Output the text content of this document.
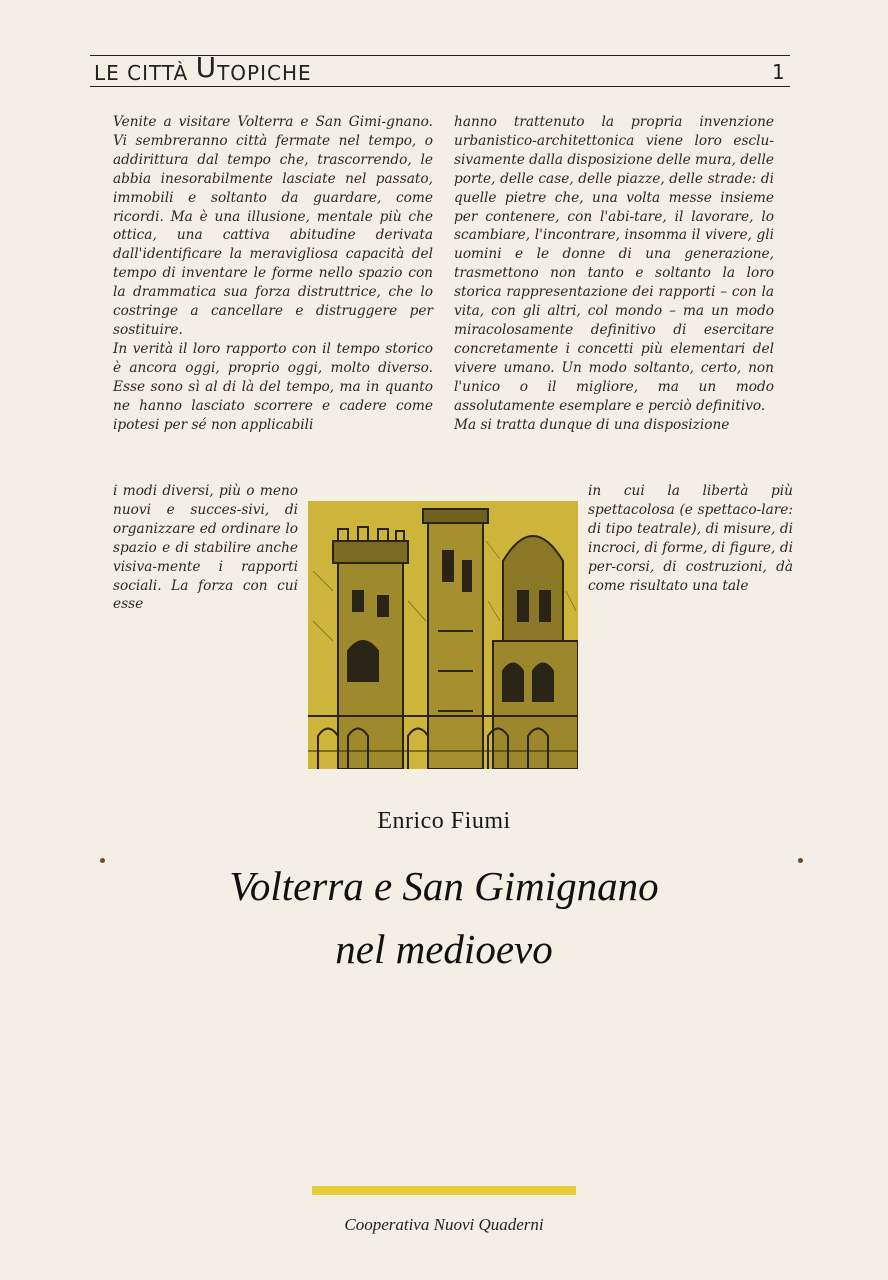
LE CITTÀ UTOPICHE	1

Venite a visitare Volterra e San Gimi-gnano. Vi sembreranno città fermate nel tempo, o addirittura dal tempo che, trascorrendo, le abbia inesorabilmente lasciate nel passato, immobili e soltanto da guardare, come ricordi. Ma è una illusione, mentale più che ottica, una cattiva abitudine derivata dall'identificare la meravigliosa capacità del tempo di inventare le forme nello spazio con la drammatica sua forza distruttrice, che lo costringe a cancellare e distruggere per sostituire.

In verità il loro rapporto con il tempo storico è ancora oggi, proprio oggi, molto diverso. Esse sono sì al di là del tempo, ma in quanto ne hanno lasciato scorrere e cadere come ipotesi per sé non applicabili

i modi diversi, più o meno nuovi e succes-sivi, di organizzare ed ordinare lo spazio e di stabilire anche visiva-mente i rapporti sociali. La forza con cui esse

hanno trattenuto la propria invenzione urbanistico-architettonica viene loro esclu-sivamente dalla disposizione delle mura, delle porte, delle case, delle piazze, delle strade: di quelle pietre che, una volta messe insieme per contenere, con l'abi-tare, il lavorare, lo scambiare, l'incontrare, insomma il vivere, gli uomini e le donne di una generazione, trasmettono non tanto e soltanto la loro storica rappresentazione dei rapporti – con la vita, con gli altri, col mondo – ma un modo miracolosamente definitivo di esercitare concretamente i concetti più elementari del vivere umano. Un modo soltanto, certo, non l'unico o il migliore, ma un modo assolutamente esemplare e perciò definitivo.

Ma si tratta dunque di una disposizione

in cui la libertà più spettacolosa (e spettaco-lare: di tipo teatrale), di misure, di incroci, di forme, di figure, di per-corsi, di costruzioni, dà come risultato una tale

Enrico Fiumi
Volterra e San Gimignano
nel medioevo
Cooperativa Nuovi Quaderni
